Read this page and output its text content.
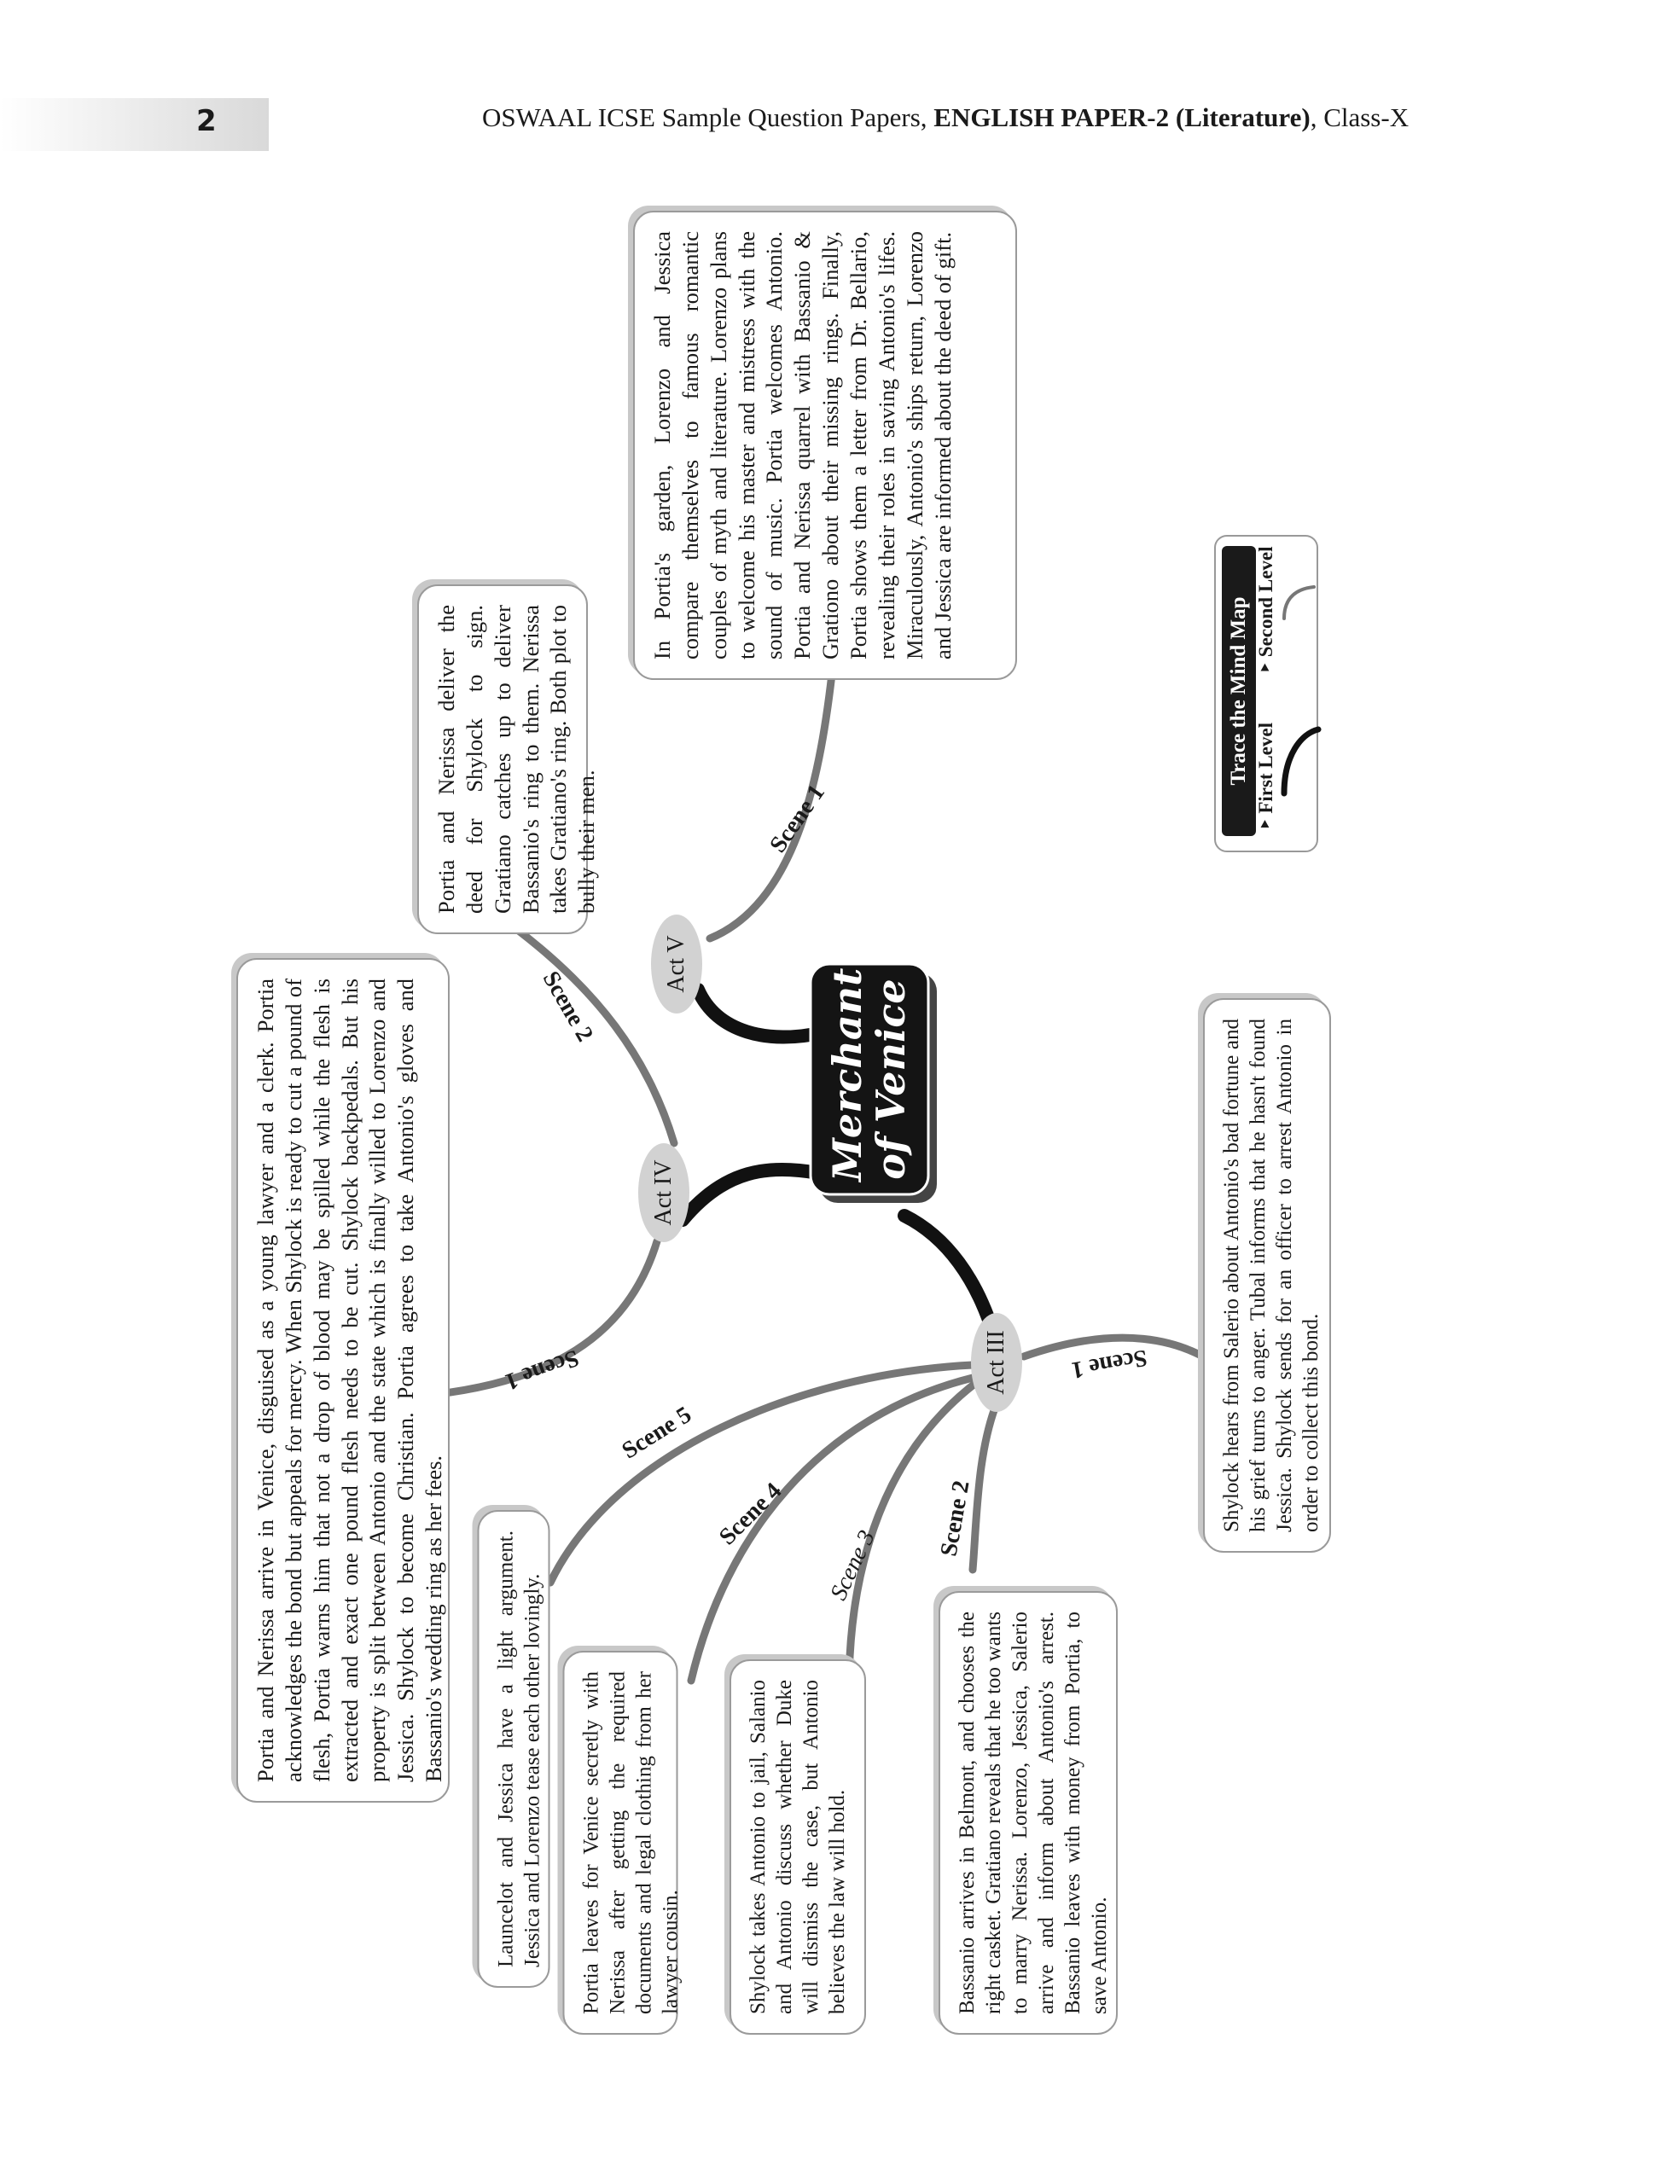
2	OSWAAL ICSE Sample Question Papers, ENGLISH PAPER-2 (Literature), Class-X
Merchant
of Venice
Act V
Act IV
Act III
Scene 1
Scene 2
Scene 1	Scene 1
Scene 2
Scene 3
Scene 4
Scene 5
In Portia's garden, Lorenzo and Jessica compare themselves to famous romantic couples of myth and literature. Lorenzo plans to welcome his master and mistress with the sound of music. Portia welcomes Antonio. Portia and Nerissa quarrel with Bassanio & Grationo about their missing rings. Finally, Portia shows them a letter from Dr. Bellario, revealing their roles in saving Antonio's lifes. Miraculously, Antonio's ships return, Lorenzo and Jessica are informed about the deed of gift.
Portia and Nerissa deliver the deed for Shylock to sign. Gratiano catches up to deliver Bassanio's ring to them. Nerissa takes Gratiano's ring. Both plot to bully their men.
Portia and Nerissa arrive in Venice, disguised as a young lawyer and a clerk. Portia acknowledges the bond but appeals for mercy. When Shylock is ready to cut a pound of flesh, Portia warns him that not a drop of blood may be spilled while the flesh is extracted and exact one pound flesh needs to be cut. Shylock backpedals. But his property is split between Antonio and the state which is finally willed to Lorenzo and Jessica. Shylock to become Christian. Portia agrees to take Antonio's gloves and Bassanio's wedding ring as her fees.
Shylock hears from Salerio about Antonio's bad fortune and his grief turns to anger. Tubal informs that he hasn't found Jessica. Shylock sends for an officer to arrest Antonio in order to collect this bond.
Bassanio arrives in Belmont, and chooses the right casket. Gratiano reveals that he too wants to marry Nerissa. Lorenzo, Jessica, Salerio arrive and inform about Antonio's arrest. Bassanio leaves with money from Portia, to save Antonio.
Shylock takes Antonio to jail, Salanio and Antonio discuss whether Duke will dismiss the case, but Antonio believes the law will hold.
Portia leaves for Venice secretly with Nerissa after getting the required documents and legal clothing from her lawyer cousin.
Launcelot and Jessica have a light argument. Jessica and Lorenzo tease each other lovingly.
Trace the Mind Map
‣ First Level
‣ Second Level
